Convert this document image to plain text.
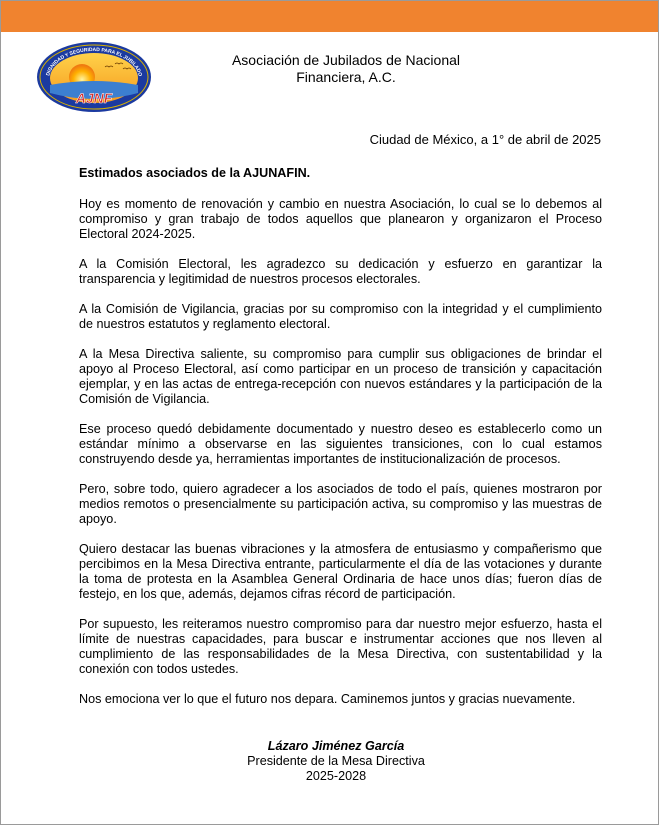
DIGNIDAD Y SEGURIDAD PARA EL JUBILADO
AJNF
Asociación de Jubilados de Nacional
Financiera, A.C.
Ciudad de México, a 1° de abril de 2025

Estimados asociados de la AJUNAFIN.

Hoy es momento de renovación y cambio en nuestra Asociación, lo cual se lo debemos al compromiso y gran trabajo de todos aquellos que planearon y organizaron el Proceso Electoral 2024-2025.

A la Comisión Electoral, les agradezco su dedicación y esfuerzo en garantizar la transparencia y legitimidad de nuestros procesos electorales.

A la Comisión de Vigilancia, gracias por su compromiso con la integridad y el cumplimiento de nuestros estatutos y reglamento electoral.

A la Mesa Directiva saliente, su compromiso para cumplir sus obligaciones de brindar el apoyo al Proceso Electoral, así como participar en un proceso de transición y capacitación ejemplar, y en las actas de entrega-recepción con nuevos estándares y la participación de la Comisión de Vigilancia.

Ese proceso quedó debidamente documentado y nuestro deseo es establecerlo como un estándar mínimo a observarse en las siguientes transiciones, con lo cual estamos construyendo desde ya, herramientas importantes de institucionalización de procesos.

Pero, sobre todo, quiero agradecer a los asociados de todo el país, quienes mostraron por medios remotos o presencialmente su participación activa, su compromiso y las muestras de apoyo.

Quiero destacar las buenas vibraciones y la atmosfera de entusiasmo y compañerismo que percibimos en la Mesa Directiva entrante, particularmente el día de las votaciones y durante la toma de protesta en la Asamblea General Ordinaria de hace unos días; fueron días de festejo, en los que, además, dejamos cifras récord de participación.

Por supuesto, les reiteramos nuestro compromiso para dar nuestro mejor esfuerzo, hasta el límite de nuestras capacidades, para buscar e instrumentar acciones que nos lleven al cumplimiento de las responsabilidades de la Mesa Directiva, con sustentabilidad y la conexión con todos ustedes.

Nos emociona ver lo que el futuro nos depara. Caminemos juntos y gracias nuevamente.

Lázaro Jiménez García
Presidente de la Mesa Directiva
2025-2028
